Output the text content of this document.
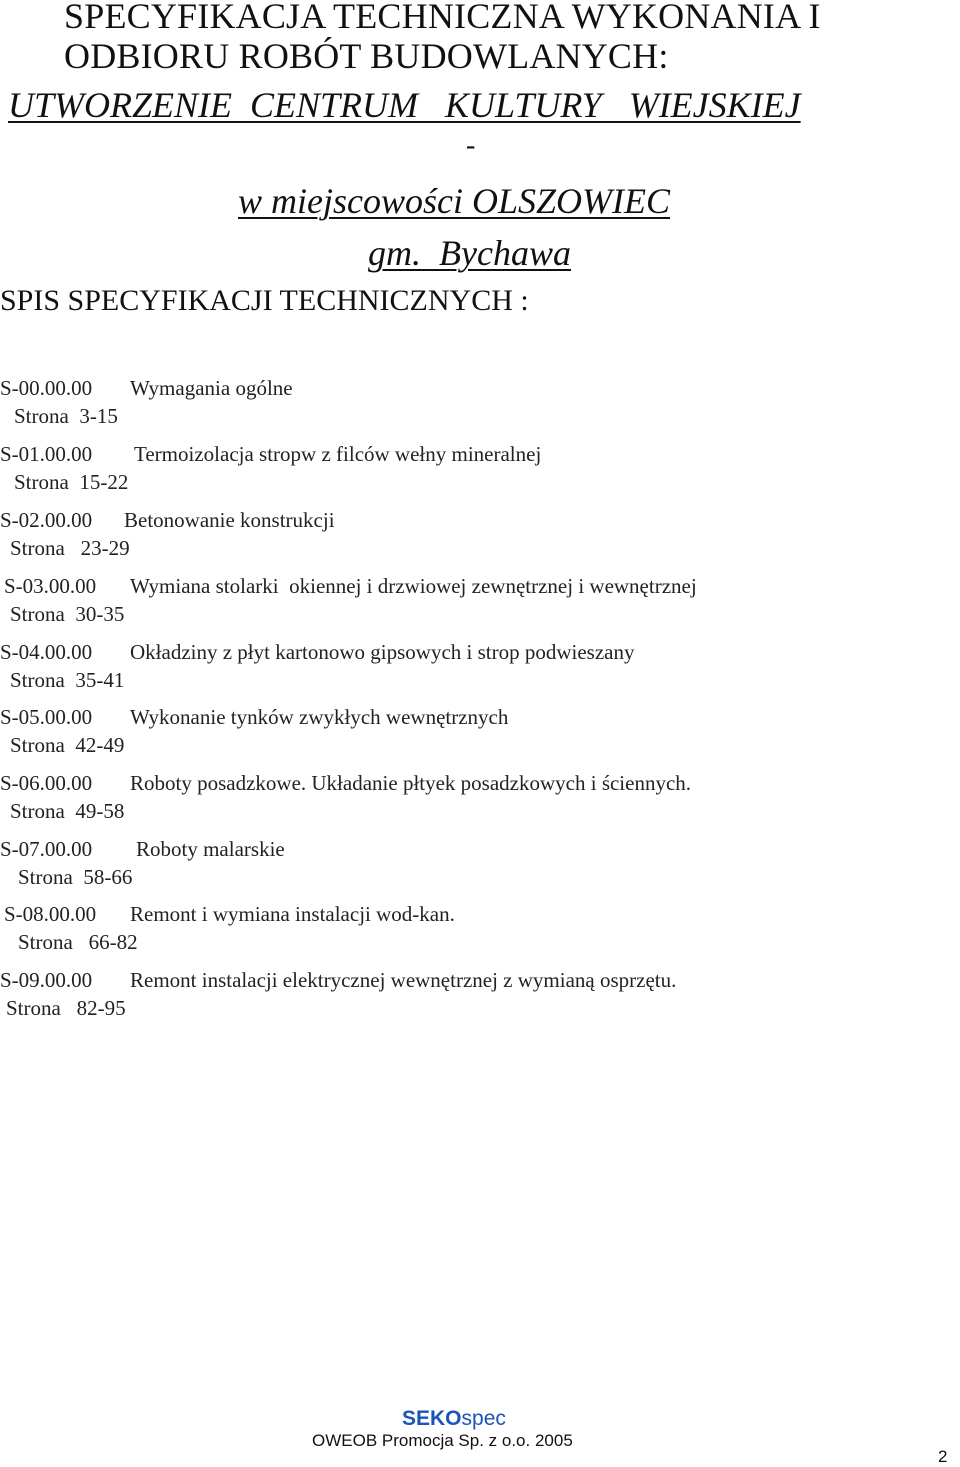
SPECYFIKACJA TECHNICZNA WYKONANIA I
ODBIORU ROBÓT BUDOWLANYCH:
UTWORZENIE  CENTRUM   KULTURY   WIEJSKIEJ
-
w miejscowości OLSZOWIEC
gm.  Bychawa
SPIS SPECYFIKACJI TECHNICZNYCH :
S-00.00.00 Wymagania ogólne
Strona  3-15
S-01.00.00 Termoizolacja stropw z filców wełny mineralnej
Strona  15-22
S-02.00.00 Betonowanie konstrukcji
Strona   23-29
S-03.00.00 Wymiana stolarki  okiennej i drzwiowej zewnętrznej i wewnętrznej
Strona  30-35
S-04.00.00 Okładziny z płyt kartonowo gipsowych i strop podwieszany
Strona  35-41
S-05.00.00 Wykonanie tynków zwykłych wewnętrznych
Strona  42-49
S-06.00.00 Roboty posadzkowe. Układanie płtyek posadzkowych i ściennych.
Strona  49-58
S-07.00.00 Roboty malarskie
Strona  58-66
S-08.00.00 Remont i wymiana instalacji wod-kan.
Strona   66-82
S-09.00.00 Remont instalacji elektrycznej wewnętrznej z wymianą osprzętu.
Strona   82-95
SEKOspec
OWEOB Promocja Sp. z o.o. 2005
2
